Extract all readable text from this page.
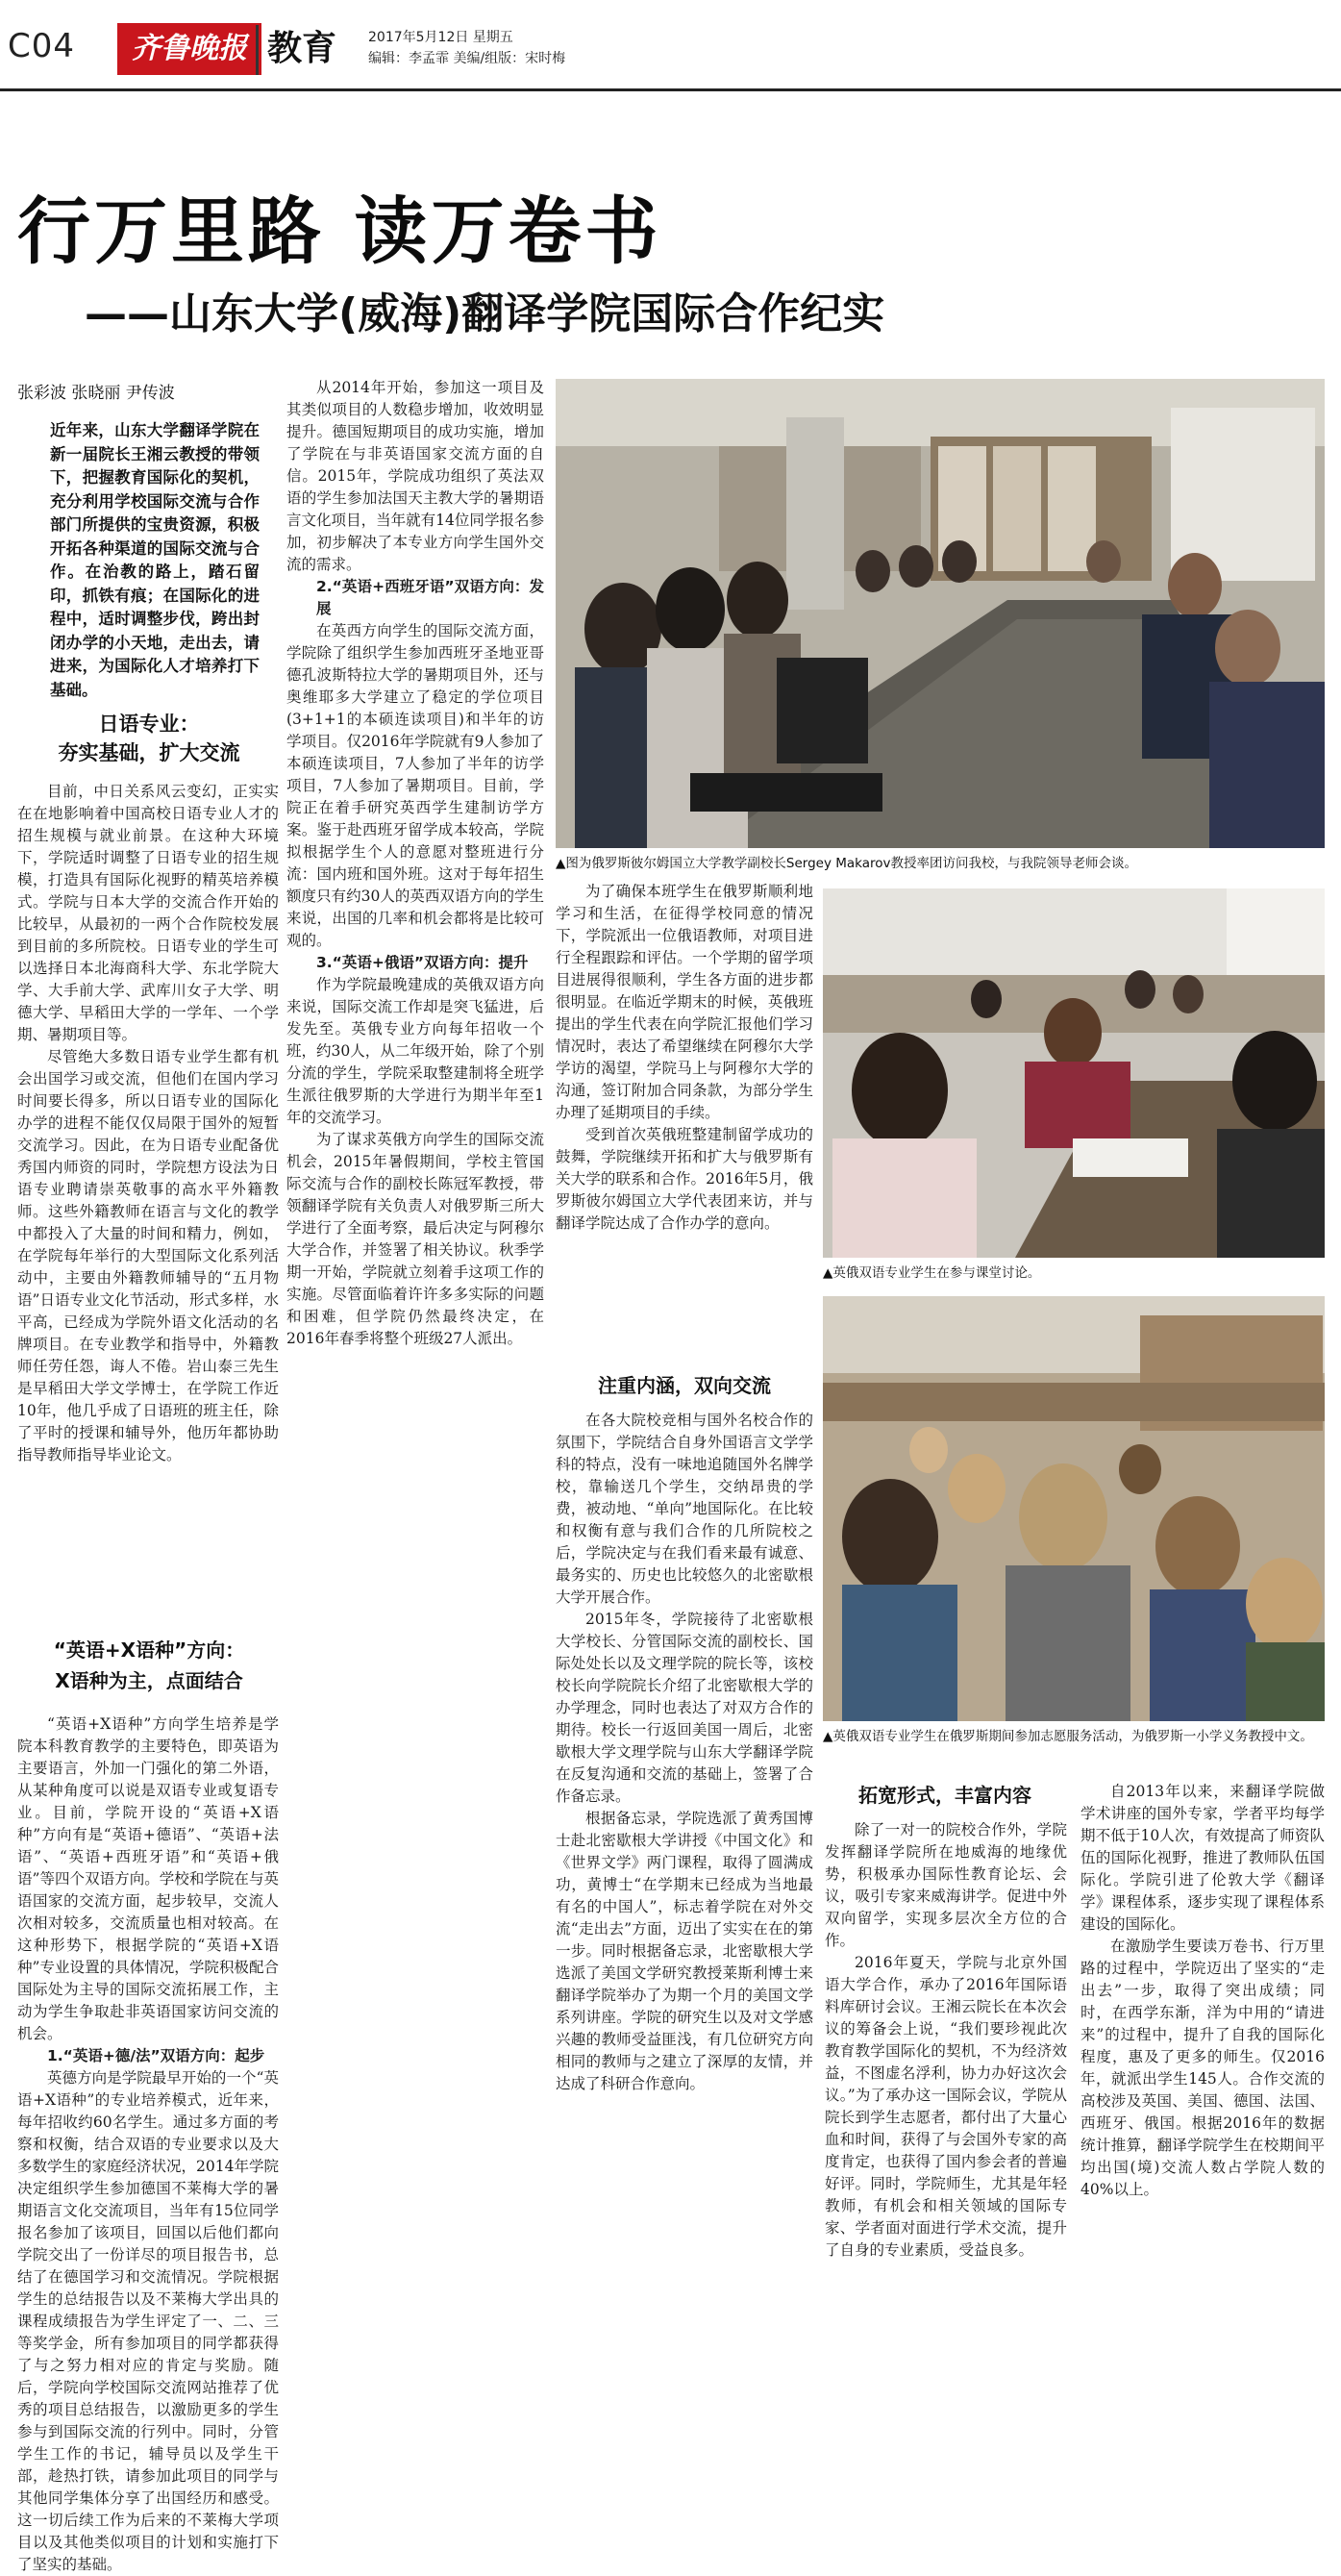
C04	齐鲁晚报 教育 2017年5月12日 星期五
编辑：李孟霏 美编/组版：宋时梅
行万里路 读万卷书
——山东大学(威海)翻译学院国际合作纪实
张彩波 张晓丽 尹传波
近年来，山东大学翻译学院在新一届院长王湘云教授的带领下，把握教育国际化的契机，充分利用学校国际交流与合作部门所提供的宝贵资源，积极开拓各种渠道的国际交流与合作。在治教的路上，踏石留印，抓铁有痕；在国际化的进程中，适时调整步伐，跨出封闭办学的小天地，走出去，请进来，为国际化人才培养打下基础。
日语专业：
夯实基础，扩大交流

目前，中日关系风云变幻，正实实在在地影响着中国高校日语专业人才的招生规模与就业前景。在这种大环境下，学院适时调整了日语专业的招生规模，打造具有国际化视野的精英培养模式。学院与日本大学的交流合作开始的比较早，从最初的一两个合作院校发展到目前的多所院校。日语专业的学生可以选择日本北海商科大学、东北学院大学、大手前大学、武库川女子大学、明德大学、早稻田大学的一学年、一个学期、暑期项目等。

尽管绝大多数日语专业学生都有机会出国学习或交流，但他们在国内学习时间要长得多，所以日语专业的国际化办学的进程不能仅仅局限于国外的短暂交流学习。因此，在为日语专业配备优秀国内师资的同时，学院想方设法为日语专业聘请崇英敬事的高水平外籍教师。这些外籍教师在语言与文化的教学中都投入了大量的时间和精力，例如，在学院每年举行的大型国际文化系列活动中，主要由外籍教师辅导的“五月物语”日语专业文化节活动，形式多样，水平高，已经成为学院外语文化活动的名牌项目。在专业教学和指导中，外籍教师任劳任怨，诲人不倦。岩山泰三先生是早稻田大学文学博士，在学院工作近10年，他几乎成了日语班的班主任，除了平时的授课和辅导外，他历年都协助指导教师指导毕业论文。

“英语+X语种”方向：
X语种为主，点面结合

“英语+X语种”方向学生培养是学院本科教育教学的主要特色，即英语为主要语言，外加一门强化的第二外语，从某种角度可以说是双语专业或复语专业。目前，学院开设的“英语+X语种”方向有是“英语+德语”、“英语+法语”、“英语+西班牙语”和“英语+俄语”等四个双语方向。学校和学院在与英语国家的交流方面，起步较早，交流人次相对较多，交流质量也相对较高。在这种形势下，根据学院的“英语+X语种”专业设置的具体情况，学院积极配合国际处为主导的国际交流拓展工作，主动为学生争取赴非英语国家访问交流的机会。

1.“英语+德/法”双语方向：起步

英德方向是学院最早开始的一个“英语+X语种”的专业培养模式，近年来，每年招收约60名学生。通过多方面的考察和权衡，结合双语的专业要求以及大多数学生的家庭经济状况，2014年学院决定组织学生参加德国不莱梅大学的暑期语言文化交流项目，当年有15位同学报名参加了该项目，回国以后他们都向学院交出了一份详尽的项目报告书，总结了在德国学习和交流情况。学院根据学生的总结报告以及不莱梅大学出具的课程成绩报告为学生评定了一、二、三等奖学金，所有参加项目的同学都获得了与之努力相对应的肯定与奖励。随后，学院向学校国际交流网站推荐了优秀的项目总结报告，以激励更多的学生参与到国际交流的行列中。同时，分管学生工作的书记，辅导员以及学生干部，趁热打铁，请参加此项目的同学与其他同学集体分享了出国经历和感受。这一切后续工作为后来的不莱梅大学项目以及其他类似项目的计划和实施打下了坚实的基础。

从2014年开始，参加这一项目及其类似项目的人数稳步增加，收效明显提升。德国短期项目的成功实施，增加了学院在与非英语国家交流方面的自信。2015年，学院成功组织了英法双语的学生参加法国天主教大学的暑期语言文化项目，当年就有14位同学报名参加，初步解决了本专业方向学生国外交流的需求。

2.“英语+西班牙语”双语方向：发展

在英西方向学生的国际交流方面，学院除了组织学生参加西班牙圣地亚哥德孔波斯特拉大学的暑期项目外，还与奥维耶多大学建立了稳定的学位项目(3+1+1的本硕连读项目)和半年的访学项目。仅2016年学院就有9人参加了本硕连读项目，7人参加了半年的访学项目，7人参加了暑期项目。目前，学院正在着手研究英西学生建制访学方案。鉴于赴西班牙留学成本较高，学院拟根据学生个人的意愿对整班进行分流：国内班和国外班。这对于每年招生额度只有约30人的英西双语方向的学生来说，出国的几率和机会都将是比较可观的。

3.“英语+俄语”双语方向：提升

作为学院最晚建成的英俄双语方向来说，国际交流工作却是突飞猛进，后发先至。英俄专业方向每年招收一个班，约30人，从二年级开始，除了个别分流的学生，学院采取整建制将全班学生派往俄罗斯的大学进行为期半年至1年的交流学习。

为了谋求英俄方向学生的国际交流机会，2015年暑假期间，学校主管国际交流与合作的副校长陈冠军教授，带领翻译学院有关负责人对俄罗斯三所大学进行了全面考察，最后决定与阿穆尔大学合作，并签署了相关协议。秋季学期一开始，学院就立刻着手这项工作的实施。尽管面临着许许多多实际的问题和困难，但学院仍然最终决定，在2016年春季将整个班级27人派出。

▲图为俄罗斯彼尔姆国立大学教学副校长Sergey Makarov教授率团访问我校，与我院领导老师会谈。

为了确保本班学生在俄罗斯顺利地学习和生活，在征得学校同意的情况下，学院派出一位俄语教师，对项目进行全程跟踪和评估。一个学期的留学项目进展得很顺利，学生各方面的进步都很明显。在临近学期末的时候，英俄班提出的学生代表在向学院汇报他们学习情况时，表达了希望继续在阿穆尔大学学访的渴望，学院马上与阿穆尔大学的沟通，签订附加合同条款，为部分学生办理了延期项目的手续。

受到首次英俄班整建制留学成功的鼓舞，学院继续开拓和扩大与俄罗斯有关大学的联系和合作。2016年5月，俄罗斯彼尔姆国立大学代表团来访，并与翻译学院达成了合作办学的意向。

注重内涵，双向交流

在各大院校竞相与国外名校合作的氛围下，学院结合自身外国语言文学学科的特点，没有一味地追随国外名牌学校，靠输送几个学生，交纳昂贵的学费，被动地、“单向”地国际化。在比较和权衡有意与我们合作的几所院校之后，学院决定与在我们看来最有诚意、最务实的、历史也比较悠久的北密歇根大学开展合作。

2015年冬，学院接待了北密歇根大学校长、分管国际交流的副校长、国际处处长以及文理学院的院长等，该校校长向学院院长介绍了北密歇根大学的办学理念，同时也表达了对双方合作的期待。校长一行返回美国一周后，北密歇根大学文理学院与山东大学翻译学院在反复沟通和交流的基础上，签署了合作备忘录。

根据备忘录，学院选派了黄秀国博士赴北密歇根大学讲授《中国文化》和《世界文学》两门课程，取得了圆满成功，黄博士“在学期末已经成为当地最有名的中国人”，标志着学院在对外交流“走出去”方面，迈出了实实在在的第一步。同时根据备忘录，北密歇根大学选派了美国文学研究教授莱斯利博士来翻译学院举办了为期一个月的美国文学系列讲座。学院的研究生以及对文学感兴趣的教师受益匪浅，有几位研究方向相同的教师与之建立了深厚的友情，并达成了科研合作意向。

▲英俄双语专业学生在参与课堂讨论。
▲英俄双语专业学生在俄罗斯期间参加志愿服务活动，为俄罗斯一小学义务教授中文。
拓宽形式，丰富内容

除了一对一的院校合作外，学院发挥翻译学院所在地威海的地缘优势，积极承办国际性教育论坛、会议，吸引专家来威海讲学。促进中外双向留学，实现多层次全方位的合作。

2016年夏天，学院与北京外国语大学合作，承办了2016年国际语料库研讨会议。王湘云院长在本次会议的筹备会上说，“我们要珍视此次教育教学国际化的契机，不为经济效益，不图虚名浮利，协力办好这次会议。”为了承办这一国际会议，学院从院长到学生志愿者，都付出了大量心血和时间，获得了与会国外专家的高度肯定，也获得了国内参会者的普遍好评。同时，学院师生，尤其是年轻教师，有机会和相关领域的国际专家、学者面对面进行学术交流，提升了自身的专业素质，受益良多。

自2013年以来，来翻译学院做学术讲座的国外专家，学者平均每学期不低于10人次，有效提高了师资队伍的国际化视野，推进了教师队伍国际化。学院引进了伦敦大学《翻译学》课程体系，逐步实现了课程体系建设的国际化。

在激励学生要读万卷书、行万里路的过程中，学院迈出了坚实的“走出去”一步，取得了突出成绩；同时，在西学东渐，洋为中用的“请进来”的过程中，提升了自我的国际化程度，惠及了更多的师生。仅2016年，就派出学生145人。合作交流的高校涉及英国、美国、德国、法国、西班牙、俄国。根据2016年的数据统计推算，翻译学院学生在校期间平均出国(境)交流人数占学院人数的40%以上。
